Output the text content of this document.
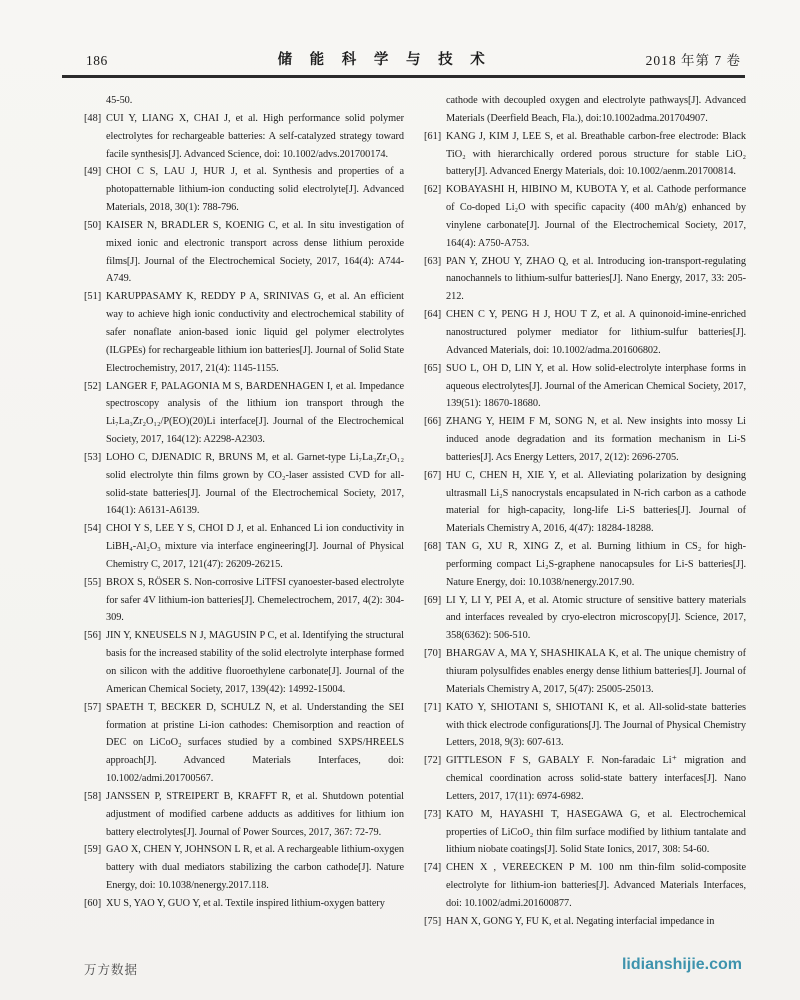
186	储 能 科 学 与 技 术	2018 年第 7 卷
45-50.
[48] CUI Y, LIANG X, CHAI J, et al. High performance solid polymer electrolytes for rechargeable batteries: A self-catalyzed strategy toward facile synthesis[J]. Advanced Science, doi: 10.1002/advs.201700174.
[49] CHOI C S, LAU J, HUR J, et al. Synthesis and properties of a photopatternable lithium-ion conducting solid electrolyte[J]. Advanced Materials, 2018, 30(1): 788-796.
[50] KAISER N, BRADLER S, KOENIG C, et al. In situ investigation of mixed ionic and electronic transport across dense lithium peroxide films[J]. Journal of the Electrochemical Society, 2017, 164(4): A744-A749.
[51] KARUPPASAMY K, REDDY P A, SRINIVAS G, et al. An efficient way to achieve high ionic conductivity and electrochemical stability of safer nonaflate anion-based ionic liquid gel polymer electrolytes (ILGPEs) for rechargeable lithium ion batteries[J]. Journal of Solid State Electrochemistry, 2017, 21(4): 1145-1155.
[52] LANGER F, PALAGONIA M S, BARDENHAGEN I, et al. Impedance spectroscopy analysis of the lithium ion transport through the Li₇La₃Zr₂O₁₂/P(EO)(20)Li interface[J]. Journal of the Electrochemical Society, 2017, 164(12): A2298-A2303.
[53] LOHO C, DJENADIC R, BRUNS M, et al. Garnet-type Li₇La₃Zr₂O₁₂ solid electrolyte thin films grown by CO₂-laser assisted CVD for all-solid-state batteries[J]. Journal of the Electrochemical Society, 2017, 164(1): A6131-A6139.
[54] CHOI Y S, LEE Y S, CHOI D J, et al. Enhanced Li ion conductivity in LiBH₄-Al₂O₃ mixture via interface engineering[J]. Journal of Physical Chemistry C, 2017, 121(47): 26209-26215.
[55] BROX S, RÖSER S. Non-corrosive LiTFSI cyanoester-based electrolyte for safer 4V lithium-ion batteries[J]. Chemelectrochem, 2017, 4(2): 304-309.
[56] JIN Y, KNEUSELS N J, MAGUSIN P C, et al. Identifying the structural basis for the increased stability of the solid electrolyte interphase formed on silicon with the additive fluoroethylene carbonate[J]. Journal of the American Chemical Society, 2017, 139(42): 14992-15004.
[57] SPAETH T, BECKER D, SCHULZ N, et al. Understanding the SEI formation at pristine Li-ion cathodes: Chemisorption and reaction of DEC on LiCoO₂ surfaces studied by a combined SXPS/HREELS approach[J]. Advanced Materials Interfaces, doi: 10.1002/admi.201700567.
[58] JANSSEN P, STREIPERT B, KRAFFT R, et al. Shutdown potential adjustment of modified carbene adducts as additives for lithium ion battery electrolytes[J]. Journal of Power Sources, 2017, 367: 72-79.
[59] GAO X, CHEN Y, JOHNSON L R, et al. A rechargeable lithium-oxygen battery with dual mediators stabilizing the carbon cathode[J]. Nature Energy, doi: 10.1038/nenergy.2017.118.
[60] XU S, YAO Y, GUO Y, et al. Textile inspired lithium-oxygen battery
cathode with decoupled oxygen and electrolyte pathways[J]. Advanced Materials (Deerfield Beach, Fla.), doi:10.1002adma.201704907.
[61] KANG J, KIM J, LEE S, et al. Breathable carbon-free electrode: Black TiO₂ with hierarchically ordered porous structure for stable LiO₂ battery[J]. Advanced Energy Materials, doi: 10.1002/aenm.201700814.
[62] KOBAYASHI H, HIBINO M, KUBOTA Y, et al. Cathode performance of Co-doped Li₂O with specific capacity (400 mAh/g) enhanced by vinylene carbonate[J]. Journal of the Electrochemical Society, 2017, 164(4): A750-A753.
[63] PAN Y, ZHOU Y, ZHAO Q, et al. Introducing ion-transport-regulating nanochannels to lithium-sulfur batteries[J]. Nano Energy, 2017, 33: 205-212.
[64] CHEN C Y, PENG H J, HOU T Z, et al. A quinonoid-imine-enriched nanostructured polymer mediator for lithium-sulfur batteries[J]. Advanced Materials, doi: 10.1002/adma.201606802.
[65] SUO L, OH D, LIN Y, et al. How solid-electrolyte interphase forms in aqueous electrolytes[J]. Journal of the American Chemical Society, 2017, 139(51): 18670-18680.
[66] ZHANG Y, HEIM F M, SONG N, et al. New insights into mossy Li induced anode degradation and its formation mechanism in Li-S batteries[J]. Acs Energy Letters, 2017, 2(12): 2696-2705.
[67] HU C, CHEN H, XIE Y, et al. Alleviating polarization by designing ultrasmall Li₂S nanocrystals encapsulated in N-rich carbon as a cathode material for high-capacity, long-life Li-S batteries[J]. Journal of Materials Chemistry A, 2016, 4(47): 18284-18288.
[68] TAN G, XU R, XING Z, et al. Burning lithium in CS₂ for high-performing compact Li₂S-graphene nanocapsules for Li-S batteries[J]. Nature Energy, doi: 10.1038/nenergy.2017.90.
[69] LI Y, LI Y, PEI A, et al. Atomic structure of sensitive battery materials and interfaces revealed by cryo-electron microscopy[J]. Science, 2017, 358(6362): 506-510.
[70] BHARGAV A, MA Y, SHASHIKALA K, et al. The unique chemistry of thiuram polysulfides enables energy dense lithium batteries[J]. Journal of Materials Chemistry A, 2017, 5(47): 25005-25013.
[71] KATO Y, SHIOTANI S, SHIOTANI K, et al. All-solid-state batteries with thick electrode configurations[J]. The Journal of Physical Chemistry Letters, 2018, 9(3): 607-613.
[72] GITTLESON F S, GABALY F. Non-faradaic Li⁺ migration and chemical coordination across solid-state battery interfaces[J]. Nano Letters, 2017, 17(11): 6974-6982.
[73] KATO M, HAYASHI T, HASEGAWA G, et al. Electrochemical properties of LiCoO₂ thin film surface modified by lithium tantalate and lithium niobate coatings[J]. Solid State Ionics, 2017, 308: 54-60.
[74] CHEN X , VEREECKEN P M. 100 nm thin-film solid-composite electrolyte for lithium-ion batteries[J]. Advanced Materials Interfaces, doi: 10.1002/admi.201600877.
[75] HAN X, GONG Y, FU K, et al. Negating interfacial impedance in
万方数据	lidianshijie.com
